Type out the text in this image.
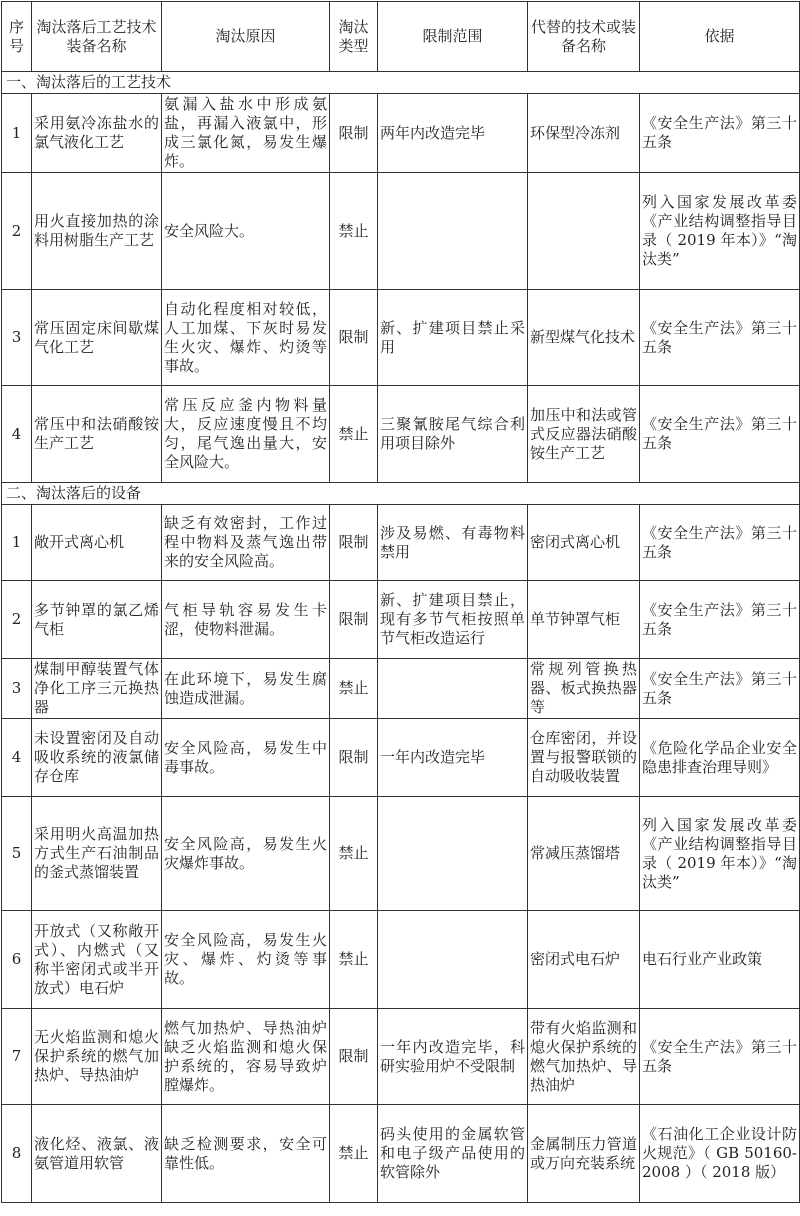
序号	淘汰落后工艺技术装备名称	淘汰原因	淘汰类型	限制范围	代替的技术或装备名称	依据
一、淘汰落后的工艺技术						
1	采用氨冷冻盐水的氯气液化工艺	氨漏入盐水中形成氨盐，再漏入液氯中，形成三氯化氮，易发生爆炸。	限制	两年内改造完毕	环保型冷冻剂	《安全生产法》第三十五条
2	用火直接加热的涂料用树脂生产工艺	安全风险大。	禁止			列入国家发展改革委《产业结构调整指导目录（ 2019 年本）》“淘汰类”
3	常压固定床间歇煤气化工艺	自动化程度相对较低，人工加煤、下灰时易发生火灾、爆炸、灼烫等事故。	限制	新、扩建项目禁止采用	新型煤气化技术	《安全生产法》第三十五条
4	常压中和法硝酸铵生产工艺	常压反应釜内物料量大，反应速度慢且不均匀，尾气逸出量大，安全风险大。	禁止	三聚氰胺尾气综合利用项目除外	加压中和法或管式反应器法硝酸铵生产工艺	《安全生产法》第三十五条
二、淘汰落后的设备						
1	敞开式离心机	缺乏有效密封，工作过程中物料及蒸气逸出带来的安全风险高。	限制	涉及易燃、有毒物料禁用	密闭式离心机	《安全生产法》第三十五条
2	多节钟罩的氯乙烯气柜	气柜导轨容易发生卡涩，使物料泄漏。	限制	新、扩建项目禁止，现有多节气柜按照单节气柜改造运行	单节钟罩气柜	《安全生产法》第三十五条
3	煤制甲醇装置气体净化工序三元换热器	在此环境下，易发生腐蚀造成泄漏。	禁止		常规列管换热器、板式换热器等	《安全生产法》第三十五条
4	未设置密闭及自动吸收系统的液氯储存仓库	安全风险高，易发生中毒事故。	限制	一年内改造完毕	仓库密闭，并设置与报警联锁的自动吸收装置	《危险化学品企业安全隐患排查治理导则》
5	采用明火高温加热方式生产石油制品的釜式蒸馏装置	安全风险高，易发生火灾爆炸事故。	禁止		常减压蒸馏塔	列入国家发展改革委《产业结构调整指导目录（ 2019 年本）》“淘汰类”
6	开放式（又称敞开式）、内燃式（又称半密闭式或半开放式）电石炉	安全风险高，易发生火灾、爆炸、灼烫等事故。	禁止		密闭式电石炉	电石行业产业政策
7	无火焰监测和熄火保护系统的燃气加热炉、导热油炉	燃气加热炉、导热油炉缺乏火焰监测和熄火保护系统的，容易导致炉膛爆炸。	限制	一年内改造完毕，科研实验用炉不受限制	带有火焰监测和熄火保护系统的燃气加热炉、导热油炉	《安全生产法》第三十五条
8	液化烃、液氯、液氨管道用软管	缺乏检测要求，安全可靠性低。	禁止	码头使用的金属软管和电子级产品使用的软管除外	金属制压力管道或万向充装系统	《石油化工企业设计防火规范》（ GB 50160-2008 ）（ 2018 版）
